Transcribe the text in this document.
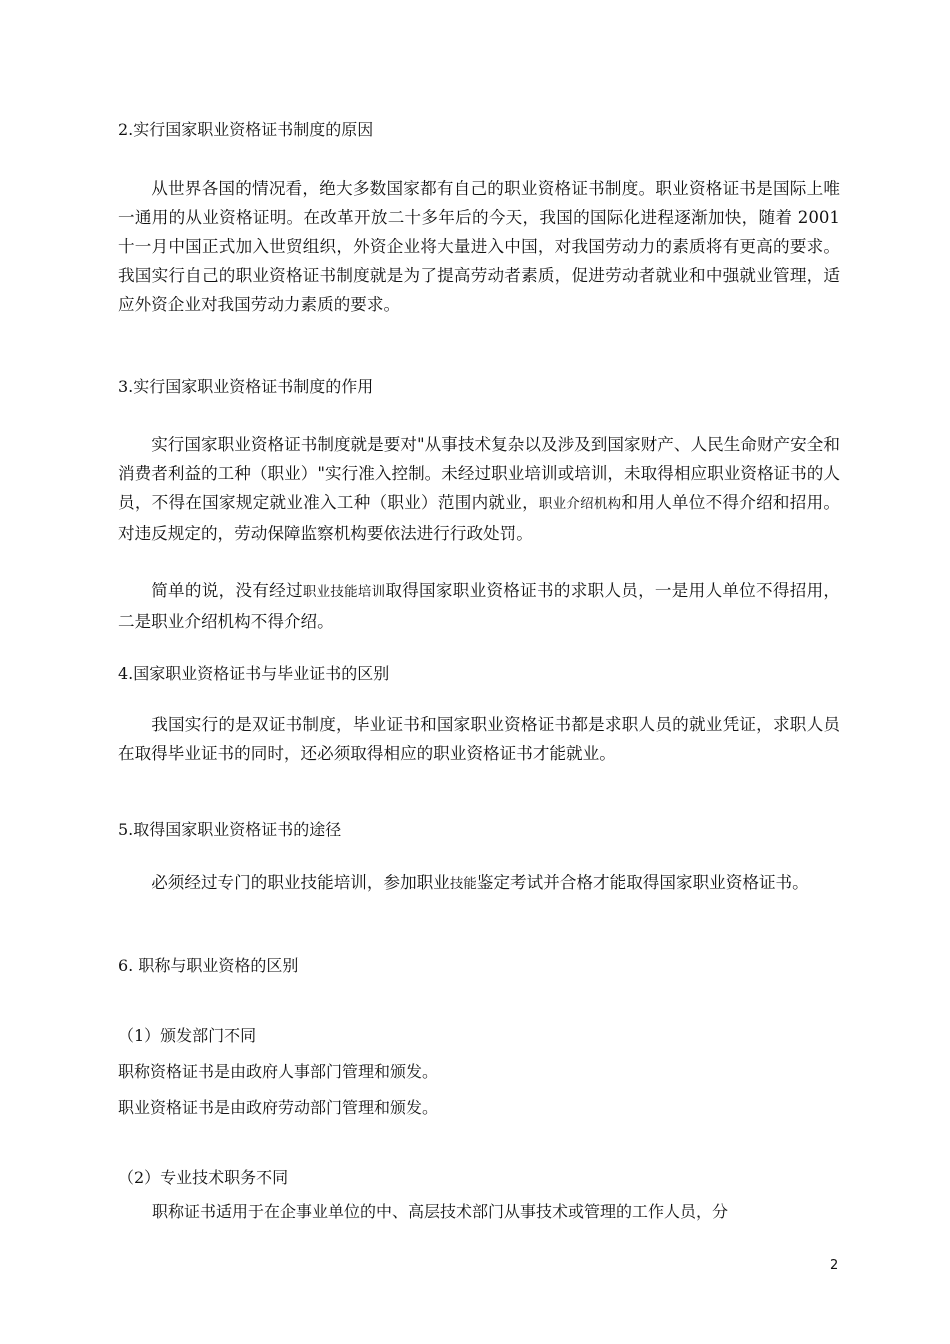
2.实行国家职业资格证书制度的原因
从世界各国的情况看，绝大多数国家都有自己的职业资格证书制度。职业资格证书是国际上唯一通用的从业资格证明。在改革开放二十多年后的今天，我国的国际化进程逐渐加快，随着 2001 十一月中国正式加入世贸组织，外资企业将大量进入中国，对我国劳动力的素质将有更高的要求。我国实行自己的职业资格证书制度就是为了提高劳动者素质，促进劳动者就业和中强就业管理，适应外资企业对我国劳动力素质的要求。
3.实行国家职业资格证书制度的作用
实行国家职业资格证书制度就是要对"从事技术复杂以及涉及到国家财产、人民生命财产安全和消费者利益的工种（职业）"实行准入控制。未经过职业培训或培训，未取得相应职业资格证书的人员，不得在国家规定就业准入工种（职业）范围内就业，职业介绍机构和用人单位不得介绍和招用。对违反规定的，劳动保障监察机构要依法进行行政处罚。
简单的说，没有经过职业技能培训取得国家职业资格证书的求职人员，一是用人单位不得招用，二是职业介绍机构不得介绍。
4.国家职业资格证书与毕业证书的区别
我国实行的是双证书制度，毕业证书和国家职业资格证书都是求职人员的就业凭证，求职人员在取得毕业证书的同时，还必须取得相应的职业资格证书才能就业。
5.取得国家职业资格证书的途径
必须经过专门的职业技能培训，参加职业技能鉴定考试并合格才能取得国家职业资格证书。
6. 职称与职业资格的区别
（1）颁发部门不同
职称资格证书是由政府人事部门管理和颁发。
职业资格证书是由政府劳动部门管理和颁发。
（2）专业技术职务不同
职称证书适用于在企事业单位的中、高层技术部门从事技术或管理的工作人员，分
2
